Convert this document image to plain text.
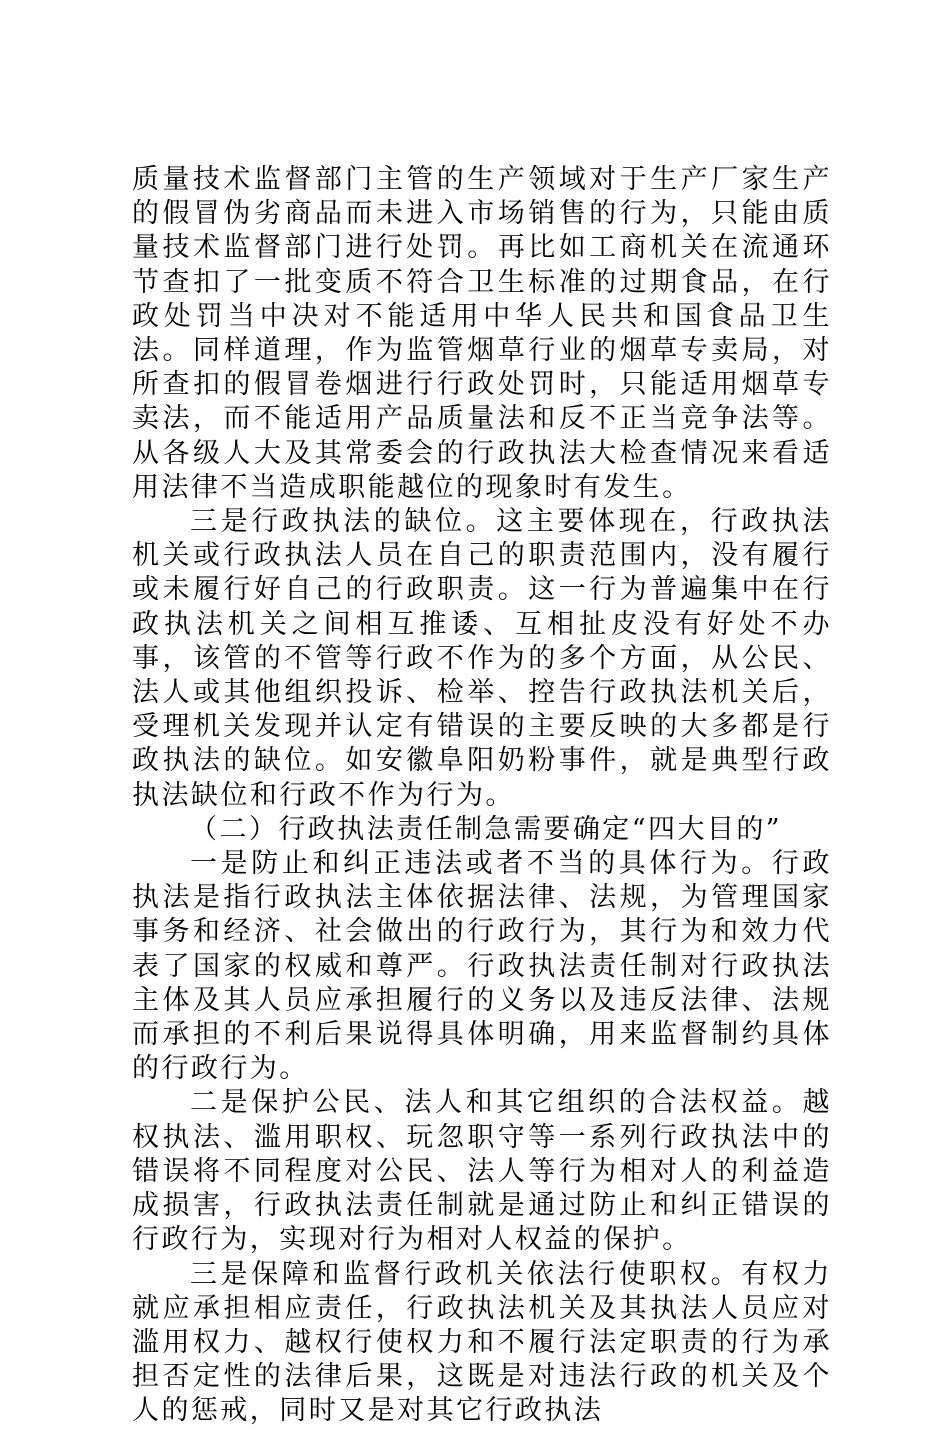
质量技术监督部门主管的生产领域对于生产厂家生产的假冒伪劣商品而未进入市场销售的行为，只能由质量技术监督部门进行处罚。再比如工商机关在流通环节查扣了一批变质不符合卫生标准的过期食品，在行政处罚当中决对不能适用中华人民共和国食品卫生法。同样道理，作为监管烟草行业的烟草专卖局，对所查扣的假冒卷烟进行行政处罚时，只能适用烟草专卖法，而不能适用产品质量法和反不正当竞争法等。从各级人大及其常委会的行政执法大检查情况来看适用法律不当造成职能越位的现象时有发生。

三是行政执法的缺位。这主要体现在，行政执法机关或行政执法人员在自己的职责范围内，没有履行或未履行好自己的行政职责。这一行为普遍集中在行政执法机关之间相互推诿、互相扯皮没有好处不办事，该管的不管等行政不作为的多个方面，从公民、法人或其他组织投诉、检举、控告行政执法机关后，受理机关发现并认定有错误的主要反映的大多都是行政执法的缺位。如安徽阜阳奶粉事件，就是典型行政执法缺位和行政不作为行为。

（二）行政执法责任制急需要确定“四大目的”

一是防止和纠正违法或者不当的具体行为。行政执法是指行政执法主体依据法律、法规，为管理国家事务和经济、社会做出的行政行为，其行为和效力代表了国家的权威和尊严。行政执法责任制对行政执法主体及其人员应承担履行的义务以及违反法律、法规而承担的不利后果说得具体明确，用来监督制约具体的行政行为。

二是保护公民、法人和其它组织的合法权益。越权执法、滥用职权、玩忽职守等一系列行政执法中的错误将不同程度对公民、法人等行为相对人的利益造成损害，行政执法责任制就是通过防止和纠正错误的行政行为，实现对行为相对人权益的保护。

三是保障和监督行政机关依法行使职权。有权力就应承担相应责任，行政执法机关及其执法人员应对滥用权力、越权行使权力和不履行法定职责的行为承担否定性的法律后果，这既是对违法行政的机关及个人的惩戒，同时又是对其它行政执法
